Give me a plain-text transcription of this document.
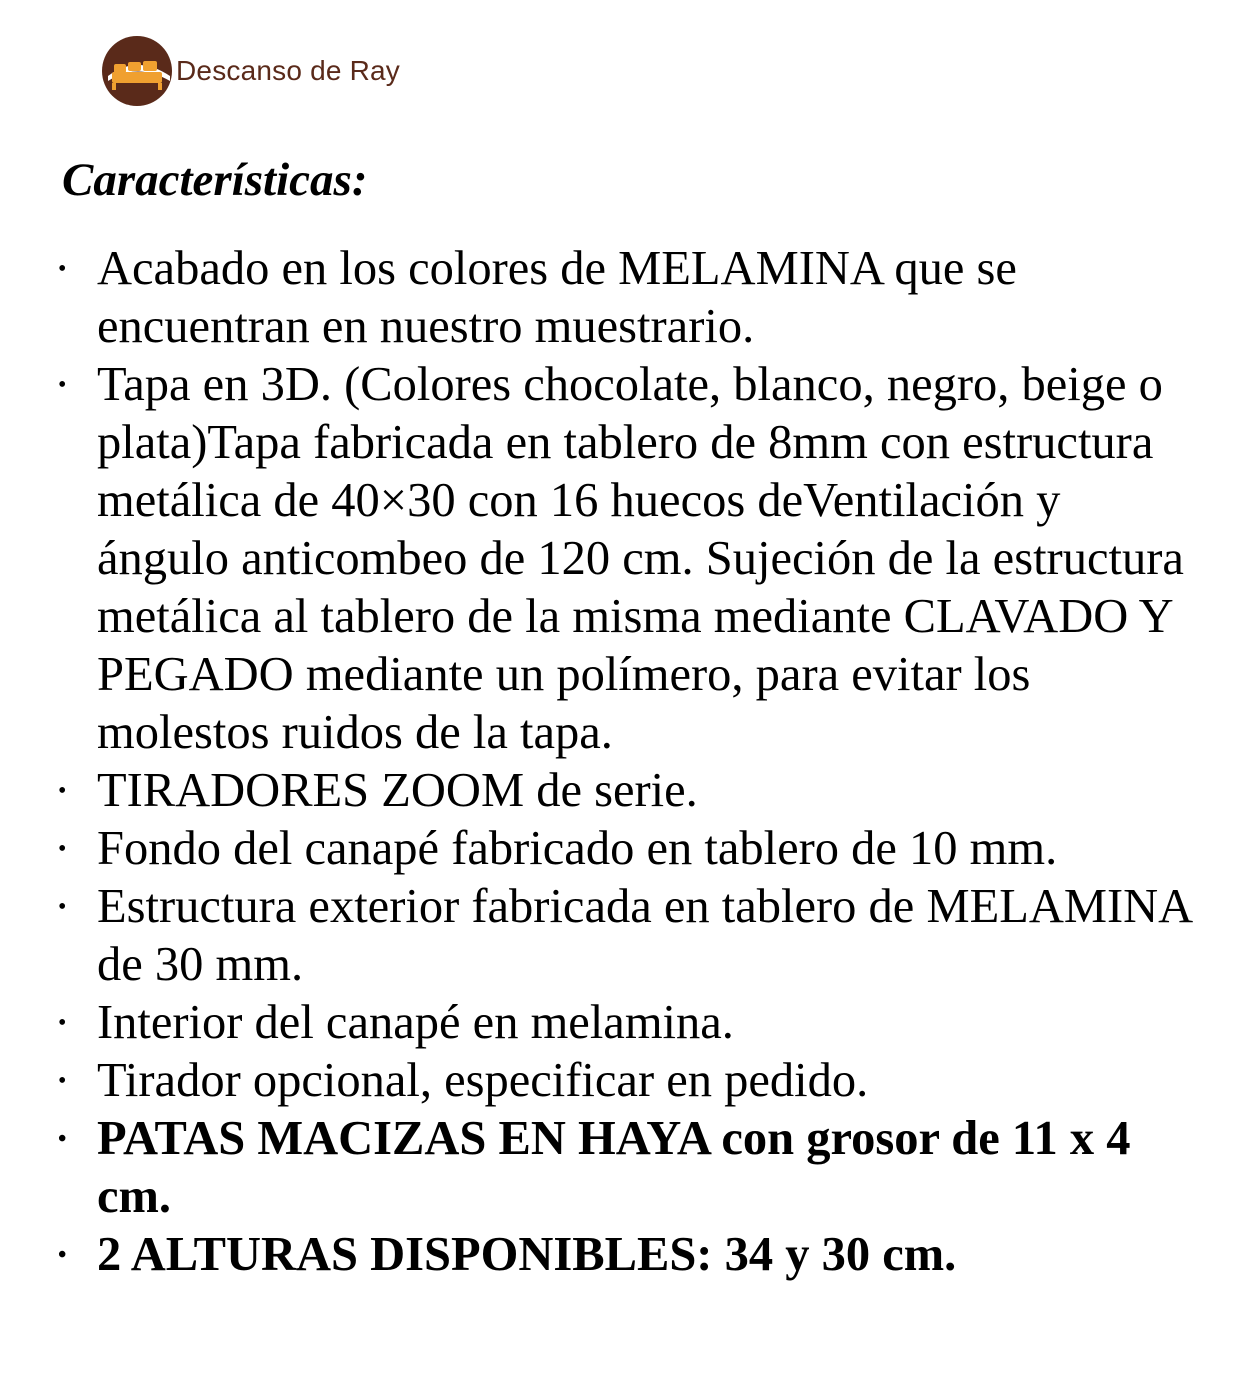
Descanso de Ray
Características:
• Acabado en los colores de MELAMINA que se encuentran en nuestro muestrario.
• Tapa en 3D. (Colores chocolate, blanco, negro, beige o plata)Tapa fabricada en tablero de 8mm con estructura metálica de 40×30 con 16 huecos deVentilación y ángulo anticombeo de 120 cm. Sujeción de la estructura metálica al tablero de la misma mediante CLAVADO Y PEGADO mediante un polímero, para evitar los molestos ruidos de la tapa.
• TIRADORES ZOOM de serie.
• Fondo del canapé fabricado en tablero de 10 mm.
• Estructura exterior fabricada en tablero de MELAMINA de 30 mm.
• Interior del canapé en melamina.
• Tirador opcional, especificar en pedido.
• PATAS MACIZAS EN HAYA con grosor de 11 x 4 cm.
• 2 ALTURAS DISPONIBLES: 34 y 30 cm.
